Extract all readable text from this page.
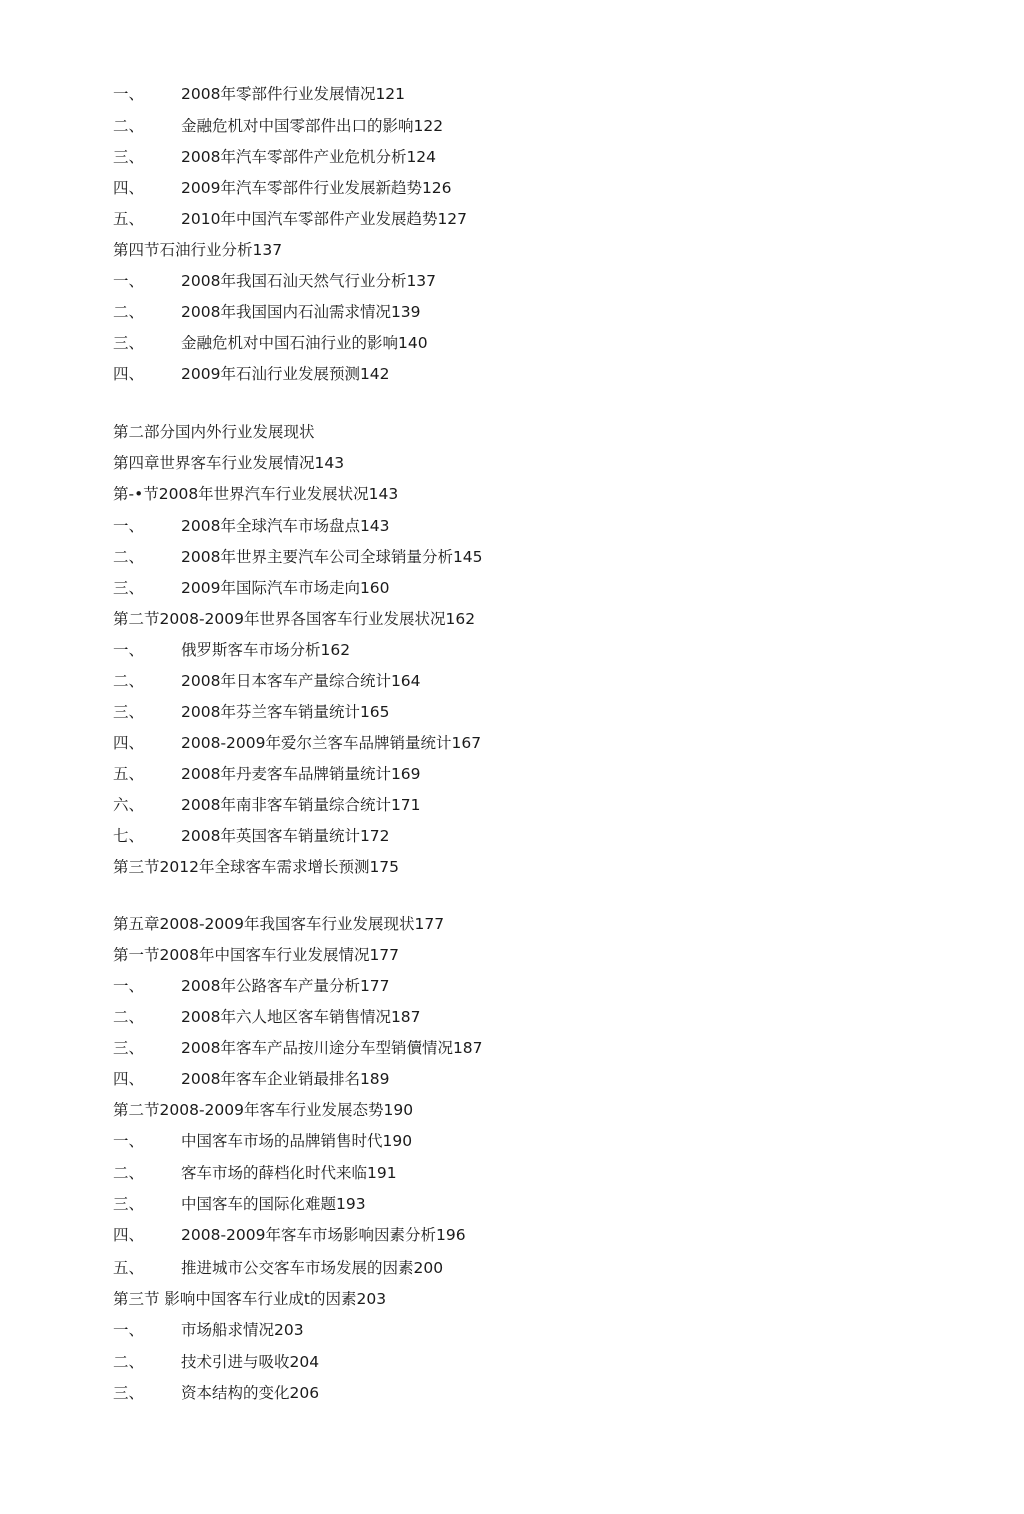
一、 2008年零部件行业发展情况121
二、 金融危机对中国零部件出口的影响122
三、 2008年汽车零部件产业危机分析124
四、 2009年汽车零部件行业发展新趋势126
五、 2010年中国汽车零部件产业发展趋势127
第四节石油行业分析137
一、 2008年我国石汕天然气行业分析137
二、 2008年我国国内石汕需求情况139
三、 金融危机对中国石油行业的影响140
四、 2009年石汕行业发展预测142
第二部分国内外行业发展现状
第四章世界客车行业发展情况143
第-•节2008年世界汽车行业发展状况143
一、 2008年全球汽车市场盘点143
二、 2008年世界主要汽车公司全球销量分析145
三、 2009年国际汽车市场走向160
第二节2008-2009年世界各国客车行业发展状况162
一、 俄罗斯客车市场分析162
二、 2008年日本客车产量综合统计164
三、 2008年芬兰客车销量统计165
四、 2008-2009年爱尔兰客车品牌销量统计167
五、 2008年丹麦客车品牌销量统计169
六、 2008年南非客车销量综合统计171
七、 2008年英国客车销量统计172
第三节2012年全球客车需求增长预测175
第五章2008-2009年我国客车行业发展现状177
第一节2008年中国客车行业发展情况177
一、 2008年公路客车产量分析177
二、 2008年六人地区客车销售情况187
三、 2008年客车产品按川途分车型销儥情况187
四、 2008年客车企业销最排名189
第二节2008-2009年客车行业发展态势190
一、 中国客车市场的品牌销售时代190
二、 客车市场的薛档化时代来临191
三、 中国客车的国际化难题193
四、 2008-2009年客车市场影响因素分析196
五、 推进城市公交客车市场发展的因素200
第三节 影响中国客车行业成t的因素203
一、 市场船求情况203
二、 技术引进与吸收204
三、 资本结构的变化206
